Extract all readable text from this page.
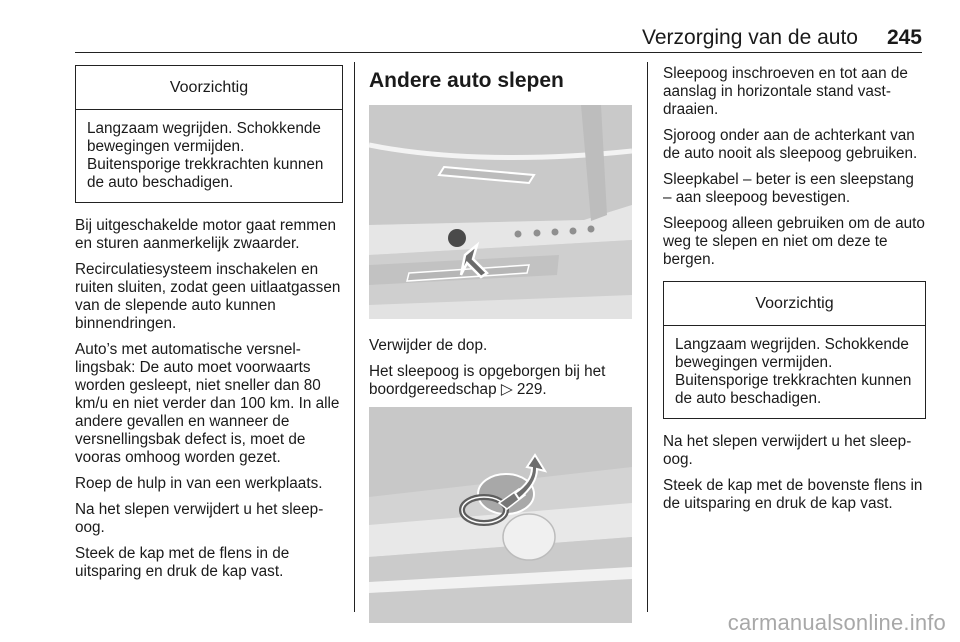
Verzorging van de auto 245
Voorzichtig
Langzaam wegrijden. Schokkende bewegingen vermijden. Buitensporige trekkrachten kunnen de auto beschadigen.

Bij uitgeschakelde motor gaat remmen en sturen aanmerkelijk zwaarder.

Recirculatiesysteem inschakelen en ruiten sluiten, zodat geen uitlaatgassen van de slepende auto kunnen binnendringen.

Auto’s met automatische versnellingsbak: De auto moet voorwaarts worden gesleept, niet sneller dan 80 km/u en niet verder dan 100 km. In alle andere gevallen en wanneer de versnellingsbak defect is, moet de vooras omhoog worden gezet.

Roep de hulp in van een werkplaats.

Na het slepen verwijdert u het sleepoog.

Steek de kap met de flens in de uitsparing en druk de kap vast.

Andere auto slepen

Verwijder de dop.

Het sleepoog is opgeborgen bij het boordgereedschap ▷ 229.

Sleepoog inschroeven en tot aan de aanslag in horizontale stand vastdraaien.

Sjoroog onder aan de achterkant van de auto nooit als sleepoog gebruiken.

Sleepkabel – beter is een sleepstang – aan sleepoog bevestigen.

Sleepoog alleen gebruiken om de auto weg te slepen en niet om deze te bergen.

Voorzichtig
Langzaam wegrijden. Schokkende bewegingen vermijden. Buitensporige trekkrachten kunnen de auto beschadigen.

Na het slepen verwijdert u het sleepoog.

Steek de kap met de bovenste flens in de uitsparing en druk de kap vast.

carmanualsonline.info
